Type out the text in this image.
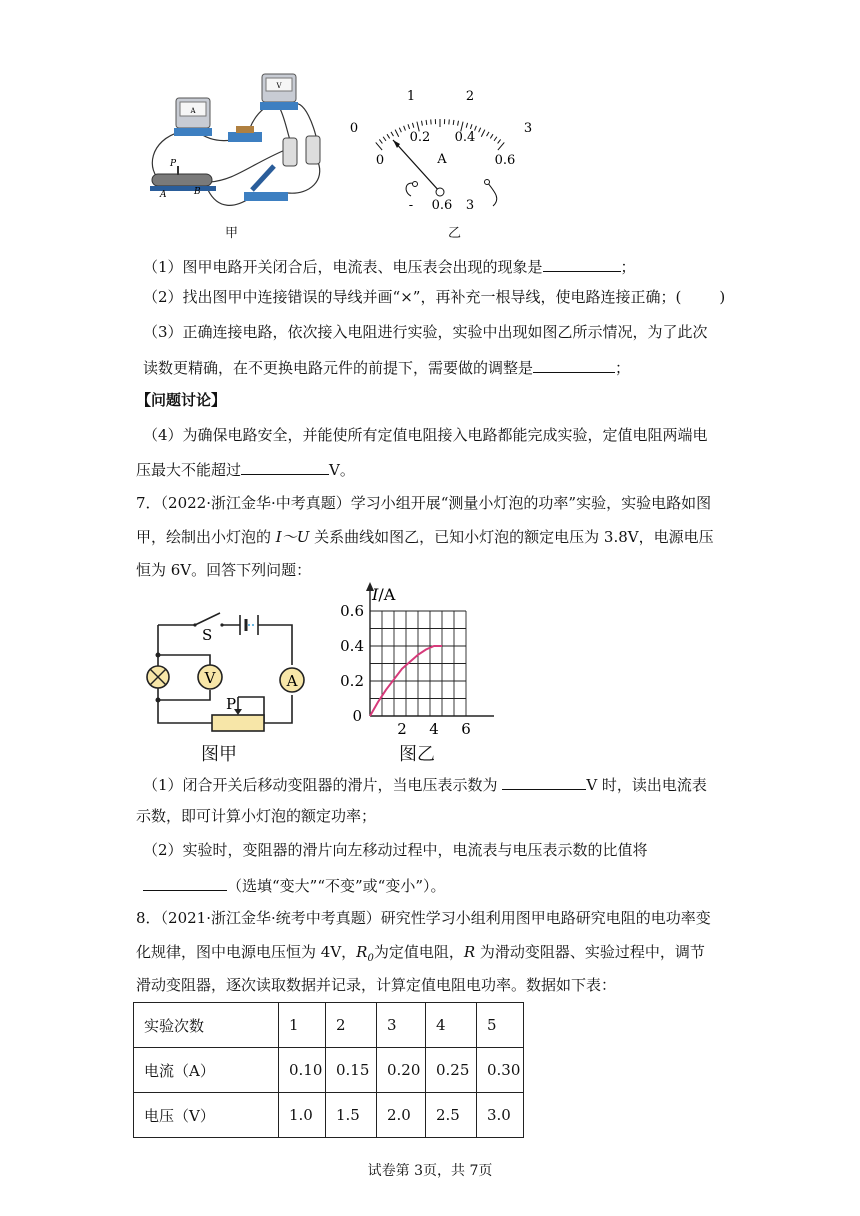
A
V
P
A	B
甲
0
1	2
3
0
0.2 0.4
0.6
A
- 0.6 3
乙
（1）图甲电路开关闭合后，电流表、电压表会出现的现象是	；
（2）找出图甲中连接错误的导线并画“×”，再补充一根导线，使电路连接正确；(	)
（3）正确连接电路，依次接入电阻进行实验，实验中出现如图乙所示情况，为了此次
读数更精确，在不更换电路元件的前提下，需要做的调整是	；
【问题讨论】
（4）为确保电路安全，并能使所有定值电阻接入电路都能完成实验，定值电阻两端电
压最大不能超过	V。
7．（2022·浙江金华·中考真题）学习小组开展“测量小灯泡的功率”实验，实验电路如图
甲，绘制出小灯泡的 I～U 关系曲线如图乙，已知小灯泡的额定电压为 3.8V，电源电压
恒为 6V。回答下列问题：
S
V	A
P
图甲
2 4 6
0.2
0.4
0.6
0
I/A
图乙
（1）闭合开关后移动变阻器的滑片，当电压表示数为	V 时，读出电流表
示数，即可计算小灯泡的额定功率；
（2）实验时，变阻器的滑片向左移动过程中，电流表与电压表示数的比值将
（选填“变大”“不变”或“变小”）。
8．（2021·浙江金华·统考中考真题）研究性学习小组利用图甲电路研究电阻的电功率变
化规律，图中电源电压恒为 4V，$R_0$为定值电阻，R 为滑动变阻器、实验过程中，调节
滑动变阻器，逐次读取数据并记录，计算定值电阻电功率。数据如下表：
实验次数	1	2	3	4	5
电流（A）	0.10	0.15	0.20	0.25	0.30
电压（V）	1.0	1.5	2.0	2.5	3.0
试卷第 3页，共 7页
